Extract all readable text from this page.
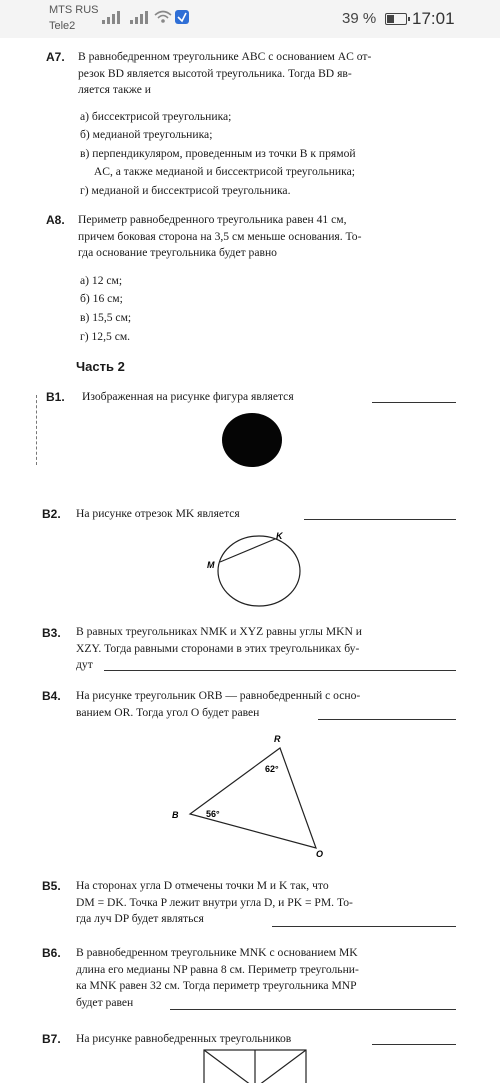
MTS RUS
Tele2	39 % 17:01
А7. В равнобедренном треугольнике ABC с основанием AC от-
резок BD является высотой треугольника. Тогда BD яв-
ляется также и
а) биссектрисой треугольника;
б) медианой треугольника;
в) перпендикуляром, проведенным из точки B к прямой
AC, а также медианой и биссектрисой треугольника;
г) медианой и биссектрисой треугольника.
А8. Периметр равнобедренного треугольника равен 41 см,
причем боковая сторона на 3,5 см меньше основания. То-
гда основание треугольника будет равно
а) 12 см;
б) 16 см;
в) 15,5 см;
г) 12,5 см.
Часть 2
В1. Изображенная на рисунке фигура является
В2. На рисунке отрезок MK является
K
M
В3. В равных треугольниках NMK и XYZ равны углы MKN и
XZY. Тогда равными сторонами в этих треугольниках бу-
дут
В4. На рисунке треугольник ORB — равнобедренный с осно-
ванием OR. Тогда угол O будет равен
R
B
O
62°
56°
В5. На сторонах угла D отмечены точки M и K так, что
DM = DK. Точка P лежит внутри угла D, и PK = PM. То-
гда луч DP будет являться
В6. В равнобедренном треугольнике MNK с основанием MK
длина его медианы NP равна 8 см. Периметр треугольни-
ка MNK равен 32 см. Тогда периметр треугольника MNP
будет равен
В7. На рисунке равнобедренных треугольников
